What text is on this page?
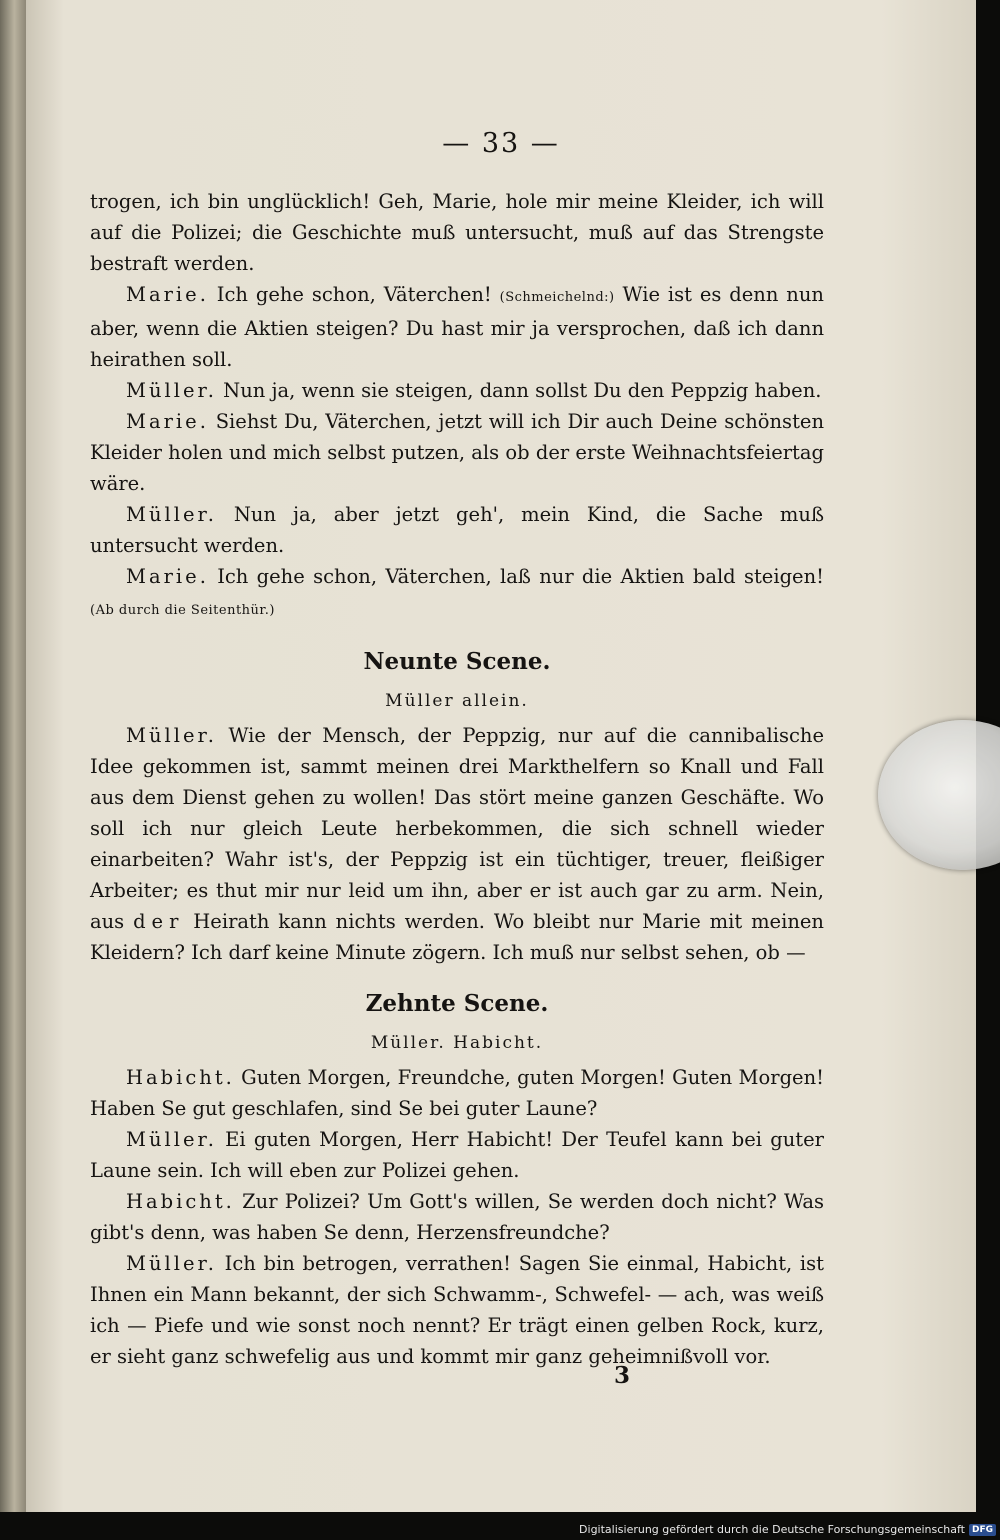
— 33 —

trogen, ich bin unglücklich! Geh, Marie, hole mir meine Kleider, ich will auf die Polizei; die Geschichte muß untersucht, muß auf das Strengste bestraft werden.

Marie. Ich gehe schon, Väterchen! (Schmeichelnd:) Wie ist es denn nun aber, wenn die Aktien steigen? Du hast mir ja versprochen, daß ich dann heirathen soll.

Müller. Nun ja, wenn sie steigen, dann sollst Du den Peppzig haben.

Marie. Siehst Du, Väterchen, jetzt will ich Dir auch Deine schönsten Kleider holen und mich selbst putzen, als ob der erste Weihnachtsfeiertag wäre.

Müller. Nun ja, aber jetzt geh', mein Kind, die Sache muß untersucht werden.

Marie. Ich gehe schon, Väterchen, laß nur die Aktien bald steigen! (Ab durch die Seitenthür.)

Neunte Scene.
Müller allein.

Müller. Wie der Mensch, der Peppzig, nur auf die cannibalische Idee gekommen ist, sammt meinen drei Markthelfern so Knall und Fall aus dem Dienst gehen zu wollen! Das stört meine ganzen Geschäfte. Wo soll ich nur gleich Leute herbekommen, die sich schnell wieder einarbeiten? Wahr ist's, der Peppzig ist ein tüchtiger, treuer, fleißiger Arbeiter; es thut mir nur leid um ihn, aber er ist auch gar zu arm. Nein, aus der Heirath kann nichts werden. Wo bleibt nur Marie mit meinen Kleidern? Ich darf keine Minute zögern. Ich muß nur selbst sehen, ob —

Zehnte Scene.
Müller. Habicht.

Habicht. Guten Morgen, Freundche, guten Morgen! Guten Morgen! Haben Se gut geschlafen, sind Se bei guter Laune?

Müller. Ei guten Morgen, Herr Habicht! Der Teufel kann bei guter Laune sein. Ich will eben zur Polizei gehen.

Habicht. Zur Polizei? Um Gott's willen, Se werden doch nicht? Was gibt's denn, was haben Se denn, Herzensfreundche?

Müller. Ich bin betrogen, verrathen! Sagen Sie einmal, Habicht, ist Ihnen ein Mann bekannt, der sich Schwamm-, Schwefel- — ach, was weiß ich — Piefe und wie sonst noch nennt? Er trägt einen gelben Rock, kurz, er sieht ganz schwefelig aus und kommt mir ganz geheimnißvoll vor.

3
Digitalisierung gefördert durch die Deutsche Forschungsgemeinschaft DFG
